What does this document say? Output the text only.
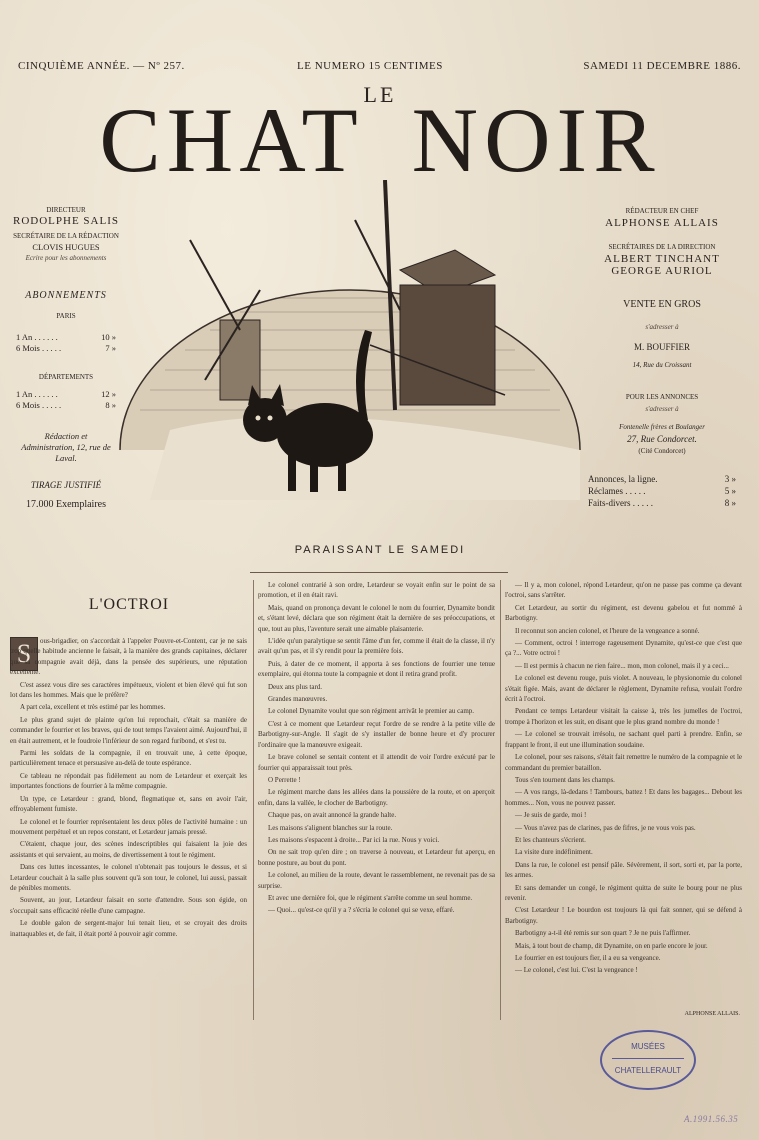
CINQUIÈME ANNÉE. — Nº 257.	LE NUMERO 15 CENTIMES	SAMEDI 11 DECEMBRE 1886.
LE
CHAT NOIR
DIRECTEUR
RODOLPHE SALIS
SECRÉTAIRE DE LA RÉDACTION
CLOVIS HUGUES
Ecrire pour les abonnements
ABONNEMENTS
PARIS
1 An . . . . . .	10 »
6 Mois . . . . .	7 »
DÉPARTEMENTS
1 An . . . . . .	12 »
6 Mois . . . . .	8 »
Rédaction et Administration, 12, rue de Laval.
TIRAGE JUSTIFIÉ
17.000 Exemplaires
RÉDACTEUR EN CHEF
ALPHONSE ALLAIS
SECRÉTAIRES DE LA DIRECTION
ALBERT TINCHANT
GEORGE AURIOL
VENTE EN GROS
s'adresser à
M. BOUFFIER
14, Rue du Croissant
POUR LES ANNONCES
s'adresser à
Fontenelle frères et Boulanger
27, Rue Condorcet.
(Cité Condorcet)
Annonces, la ligne.	3 »
Réclames . . . . .	5 »
Faits-divers . . . . .	8 »
PARAISSANT LE SAMEDI
L'OCTROI
S	ous-brigadier, on s'accordait à l'appeler Pouvre-et-Content, car je ne sais trop quelle habitude ancienne le faisait, à la manière des grands capitaines, déclarer que sa compagnie avait déjà, dans la pensée des supérieurs, une réputation excellente.

C'est assez vous dire ses caractères impétueux, violent et bien élevé qui fut son lot dans les hommes. Mais que le préfère?

A part cela, excellent et très estimé par les hommes.

Le plus grand sujet de plainte qu'on lui reprochait, c'était sa manière de commander le fourrier et les braves, qui de tout temps l'avaient aimé. Aujourd'hui, il en était autrement, et le foudroie l'inférieur de son regard furibond, et s'est tu.

Parmi les soldats de la compagnie, il en trouvait une, à cette époque, particulièrement tenace et persuasive au-delà de toute espérance.

Ce tableau ne répondait pas fidèlement au nom de Letardeur et exerçait les importantes fonctions de fourrier à la même compagnie.

Un type, ce Letardeur : grand, blond, flegmatique et, sans en avoir l'air, effroyablement fumiste.

Le colonel et le fourrier représentaient les deux pôles de l'activité humaine : un mouvement perpétuel et un repos constant, et Letardeur jamais pressé.

C'étaient, chaque jour, des scènes indescriptibles qui faisaient la joie des assistants et qui servaient, au moins, de divertissement à tout le régiment.

Dans ces luttes incessantes, le colonel n'obtenait pas toujours le dessus, et si Letardeur couchait à la salle plus souvent qu'à son tour, le colonel, lui aussi, passait de pénibles moments.

Souvent, au jour, Letardeur faisait en sorte d'attendre. Sous son égide, on s'occupait sans efficacité réelle d'une campagne.

Le double galon de sergent-major lui tenait lieu, et se croyait des droits inattaquables et, de fait, il était porté à pouvoir agir comme.

Le colonel contrarié à son ordre, Letardeur se voyait enfin sur le point de sa promotion, et il en était ravi.

Mais, quand on prononça devant le colonel le nom du fourrier, Dynamite bondit et, s'étant levé, déclara que son régiment était la dernière de ses préoccupations, et que, tout au plus, l'aventure serait une aimable plaisanterie.

L'idée qu'un paralytique se sentit l'âme d'un fer, comme il était de la classe, il n'y avait qu'un pas, et il s'y rendit pour la première fois.

Puis, à dater de ce moment, il apporta à ses fonctions de fourrier une tenue exemplaire, qui étonna toute la compagnie et dont il retira grand profit.

Deux ans plus tard.

Grandes manœuvres.

Le colonel Dynamite voulut que son régiment arrivât le premier au camp.

C'est à ce moment que Letardeur reçut l'ordre de se rendre à la petite ville de Barbotigny-sur-Angle. Il s'agit de s'y installer de bonne heure et d'y procurer l'ordinaire que la manœuvre exigeait.

Le brave colonel se sentait content et il attendit de voir l'ordre exécuté par le fourrier qui apparaissait tout près.

O Perrette !

Le régiment marche dans les allées dans la poussière de la route, et on aperçoit enfin, dans la vallée, le clocher de Barbotigny.

Chaque pas, on avait annoncé la grande halte.

Les maisons s'alignent blanches sur la route.

Les maisons s'espacent à droite... Par ici la rue. Nous y voici.

On ne sait trop qu'en dire ; on traverse à nouveau, et Letardeur fut aperçu, en bonne posture, au bout du pont.

Le colonel, au milieu de la route, devant le rassemblement, ne revenait pas de sa surprise.

Et avec une dernière foi, que le régiment s'arrête comme un seul homme.

— Quoi... qu'est-ce qu'il y a ? s'écria le colonel qui se vexe, effaré.

— Il y a, mon colonel, répond Letardeur, qu'on ne passe pas comme ça devant l'octroi, sans s'arrêter.

Cet Letardeur, au sortir du régiment, est devenu gabelou et fut nommé à Barbotigny.

Il reconnut son ancien colonel, et l'heure de la vengeance a sonné.

— Comment, octroi ! interroge rageusement Dynamite, qu'est-ce que c'est que ça ?... Votre octroi !

— Il est permis à chacun ne rien faire... mon, mon colonel, mais il y a ceci...

Le colonel est devenu rouge, puis violet. A nouveau, le physionomie du colonel s'était figée. Mais, avant de déclarer le règlement, Dynamite refusa, voulait l'ordre écrit à l'octroi.

Pendant ce temps Letardeur visitait la caisse à, très les jumelles de l'octroi, trompe à l'horizon et les suit, en disant que le plus grand nombre du monde !

— Le colonel se trouvait irrésolu, ne sachant quel parti à prendre. Enfin, se frappant le front, il eut une illumination soudaine.

Le colonel, pour ses raisons, s'était fait remettre le numéro de la compagnie et le commandant du premier bataillon.

Tous s'en tournent dans les champs.

— A vos rangs, là-dedans ! Tambours, battez ! Et dans les bagages... Debout les hommes... Non, vous ne pouvez passer.

— Je suis de garde, moi !

— Vous n'avez pas de clarines, pas de fifres, je ne vous vois pas.

Et les chanteurs s'écrient.

La visite dure indéfiniment.

Dans la rue, le colonel est pensif pâle. Sévèrement, il sort, sorti et, par la porte, les armes.

Et sans demander un congé, le régiment quitta de suite le bourg pour ne plus revenir.

C'est Letardeur ! Le bourdon est toujours là qui fait sonner, qui se défend à Barbotigny.

Barbotigny a-t-il été remis sur son quart ? Je ne puis l'affirmer.

Mais, à tout bout de champ, dit Dynamite, on en parle encore le jour.

Le fourrier en est toujours fier, il a eu sa vengeance.

— Le colonel, c'est lui. C'est la vengeance !

ALPHONSE ALLAIS.
MUSÉES
CHATELLERAULT
A.1991.56.35
